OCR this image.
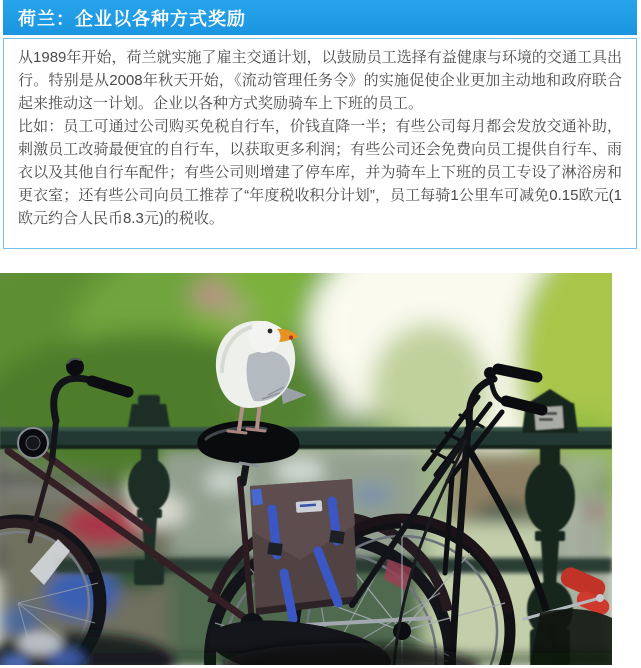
荷兰：企业以各种方式奖励

从1989年开始，荷兰就实施了雇主交通计划，以鼓励员工选择有益健康与环境的交通工具出行。特别是从2008年秋天开始，《流动管理任务令》的实施促使企业更加主动地和政府联合起来推动这一计划。企业以各种方式奖励骑车上下班的员工。

比如：员工可通过公司购买免税自行车，价钱直降一半；有些公司每月都会发放交通补助，刺激员工改骑最便宜的自行车，以获取更多利润；有些公司还会免费向员工提供自行车、雨衣以及其他自行车配件；有些公司则增建了停车库，并为骑车上下班的员工专设了淋浴房和更衣室；还有些公司向员工推荐了“年度税收积分计划”，员工每骑1公里车可减免0.15欧元(1欧元约合人民币8.3元)的税收。
